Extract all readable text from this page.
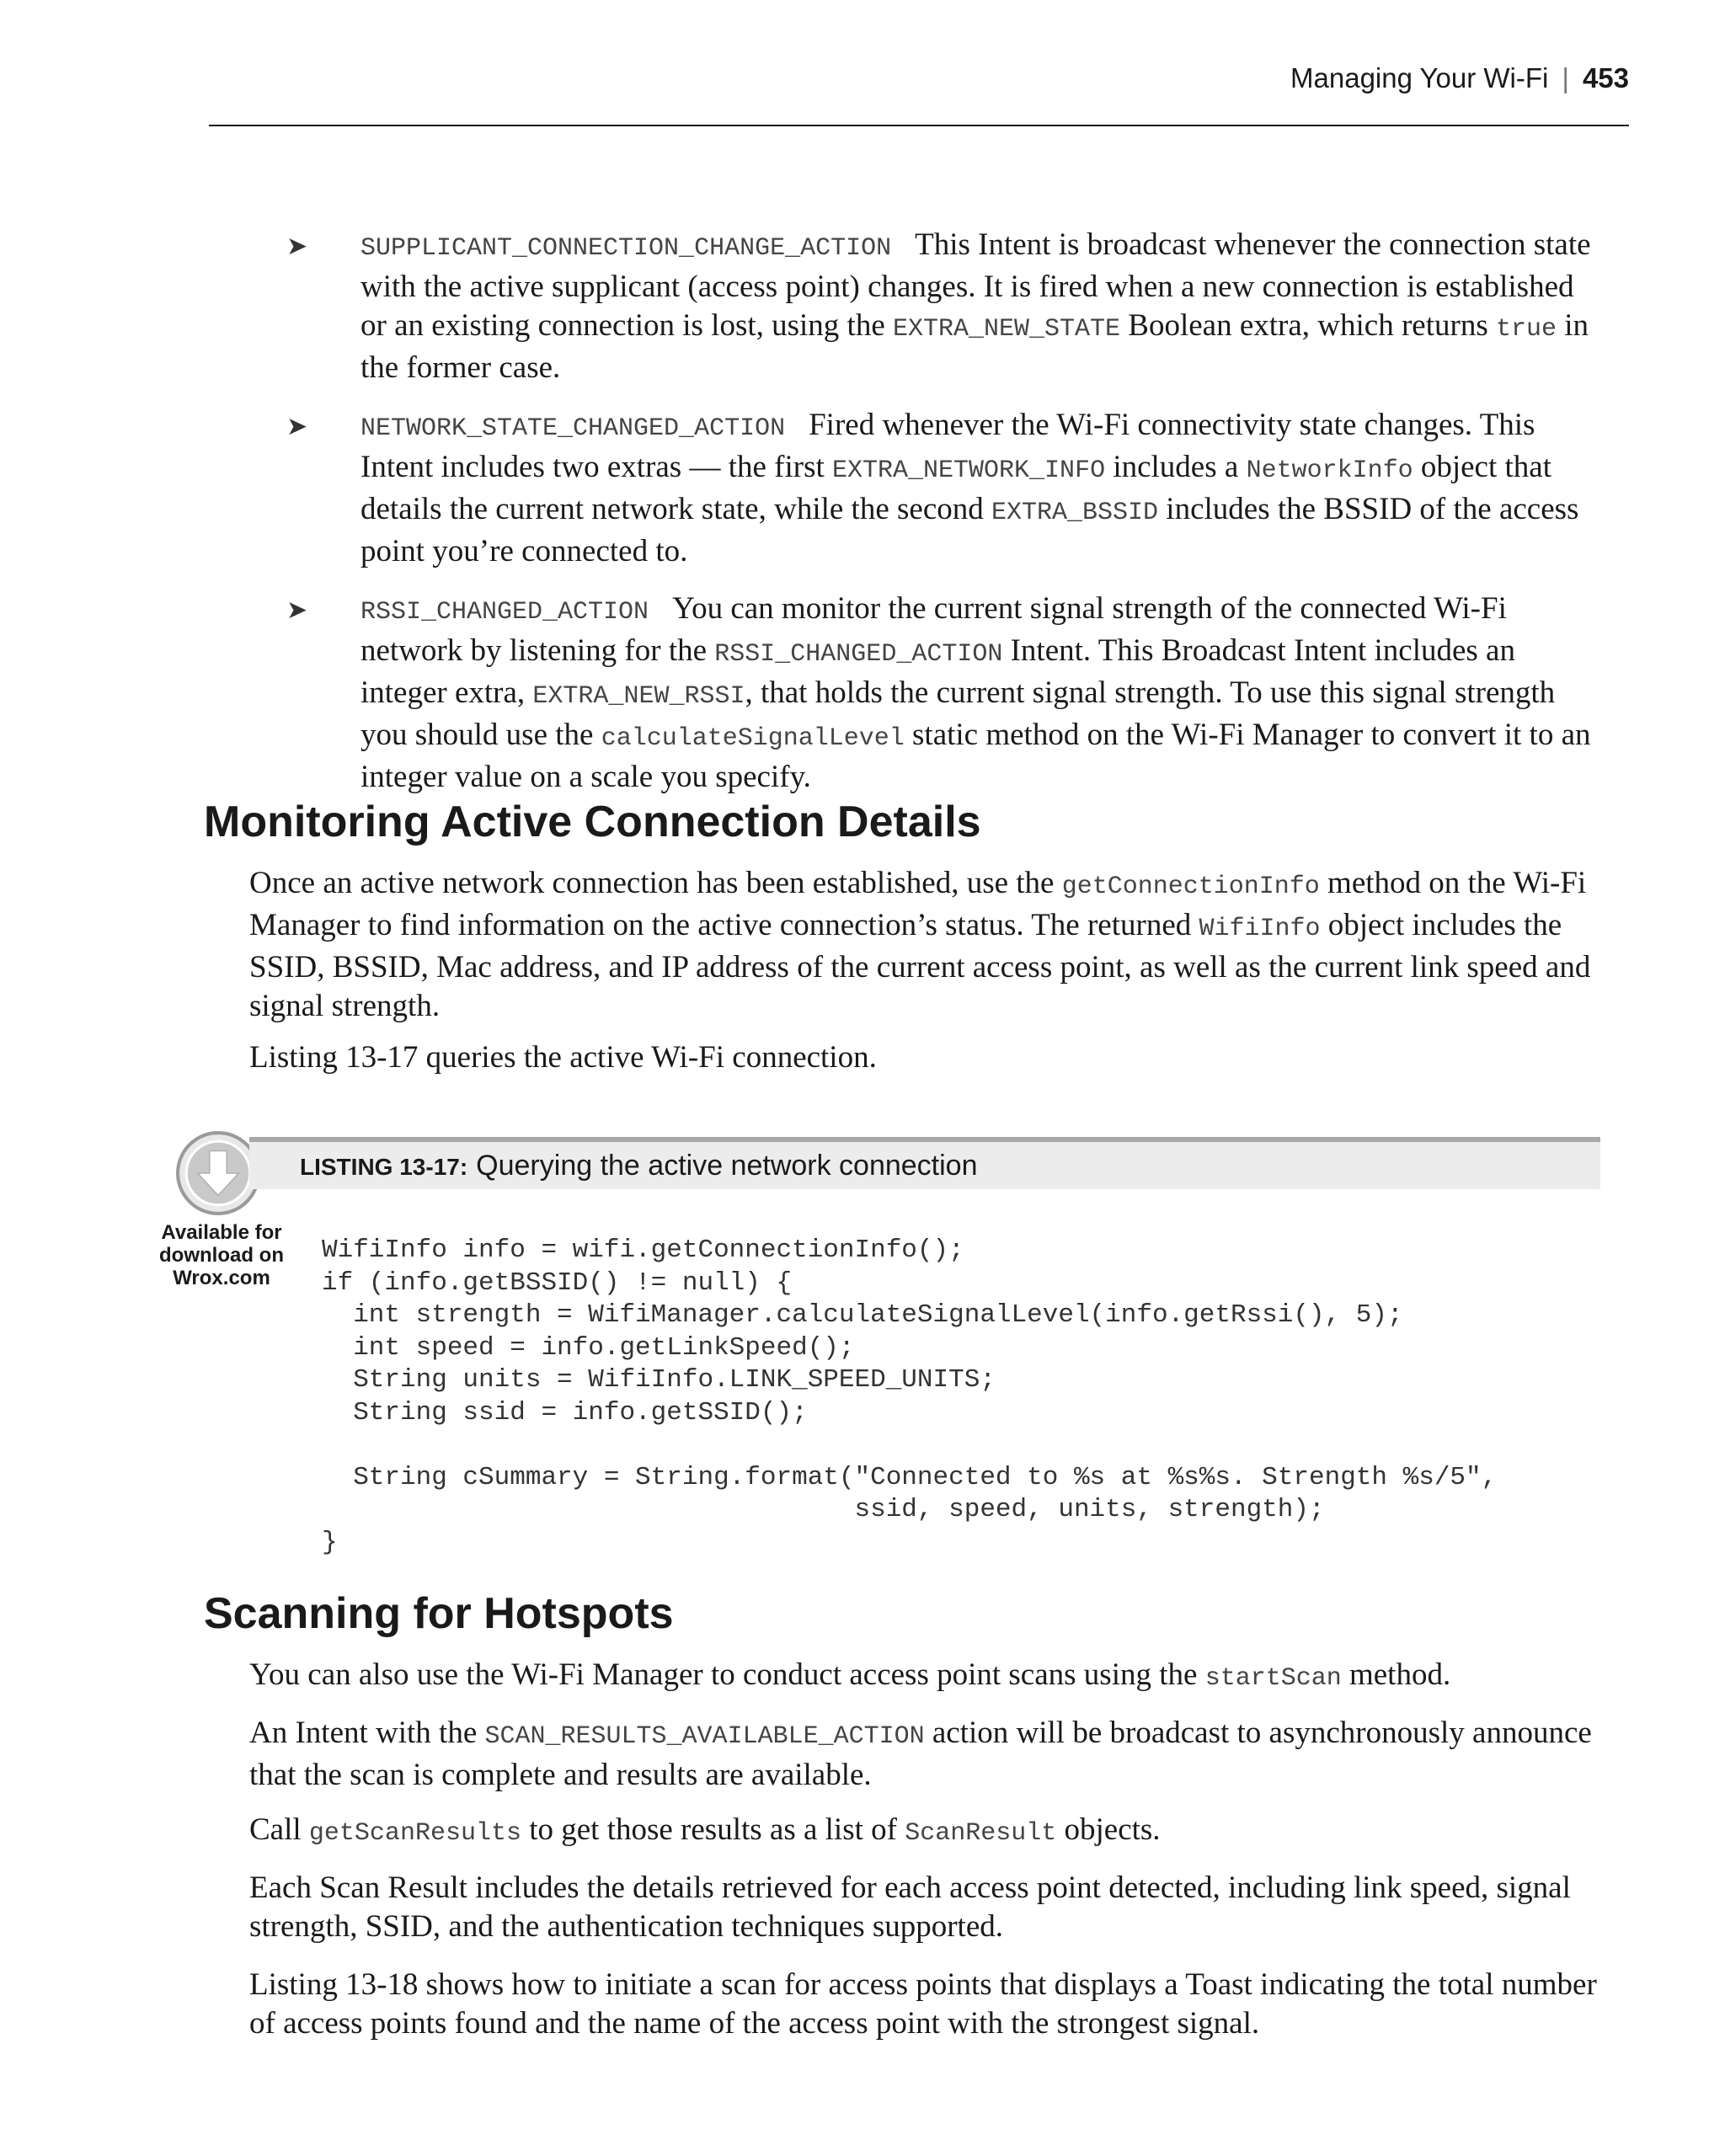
Managing Your Wi-Fi | 453
➤ SUPPLICANT_CONNECTION_CHANGE_ACTION This Intent is broadcast whenever the connection state with the active supplicant (access point) changes. It is fired when a new connection is established or an existing connection is lost, using the EXTRA_NEW_STATE Boolean extra, which returns true in the former case.
➤ NETWORK_STATE_CHANGED_ACTION Fired whenever the Wi-Fi connectivity state changes. This Intent includes two extras — the first EXTRA_NETWORK_INFO includes a NetworkInfo object that details the current network state, while the second EXTRA_BSSID includes the BSSID of the access point you’re connected to.
➤ RSSI_CHANGED_ACTION You can monitor the current signal strength of the connected Wi-Fi network by listening for the RSSI_CHANGED_ACTION Intent. This Broadcast Intent includes an integer extra, EXTRA_NEW_RSSI, that holds the current signal strength. To use this signal strength you should use the calculateSignalLevel static method on the Wi-Fi Manager to convert it to an integer value on a scale you specify.
Monitoring Active Connection Details

Once an active network connection has been established, use the getConnectionInfo method on the Wi-Fi Manager to find information on the active connection’s status. The returned WifiInfo object includes the SSID, BSSID, Mac address, and IP address of the current access point, as well as the current link speed and signal strength.

Listing 13-17 queries the active Wi-Fi connection.

Available for
download on
Wrox.com
LISTING 13-17: Querying the active network connection
WifiInfo info = wifi.getConnectionInfo();
if (info.getBSSID() != null) {
int strength = WifiManager.calculateSignalLevel(info.getRssi(), 5);
int speed = info.getLinkSpeed();
String units = WifiInfo.LINK_SPEED_UNITS;
String ssid = info.getSSID();

String cSummary = String.format("Connected to %s at %s%s. Strength %s/5",
ssid, speed, units, strength);
}
Scanning for Hotspots

You can also use the Wi-Fi Manager to conduct access point scans using the startScan method.

An Intent with the SCAN_RESULTS_AVAILABLE_ACTION action will be broadcast to asynchronously announce that the scan is complete and results are available.

Call getScanResults to get those results as a list of ScanResult objects.

Each Scan Result includes the details retrieved for each access point detected, including link speed, signal strength, SSID, and the authentication techniques supported.

Listing 13-18 shows how to initiate a scan for access points that displays a Toast indicating the total number of access points found and the name of the access point with the strongest signal.
